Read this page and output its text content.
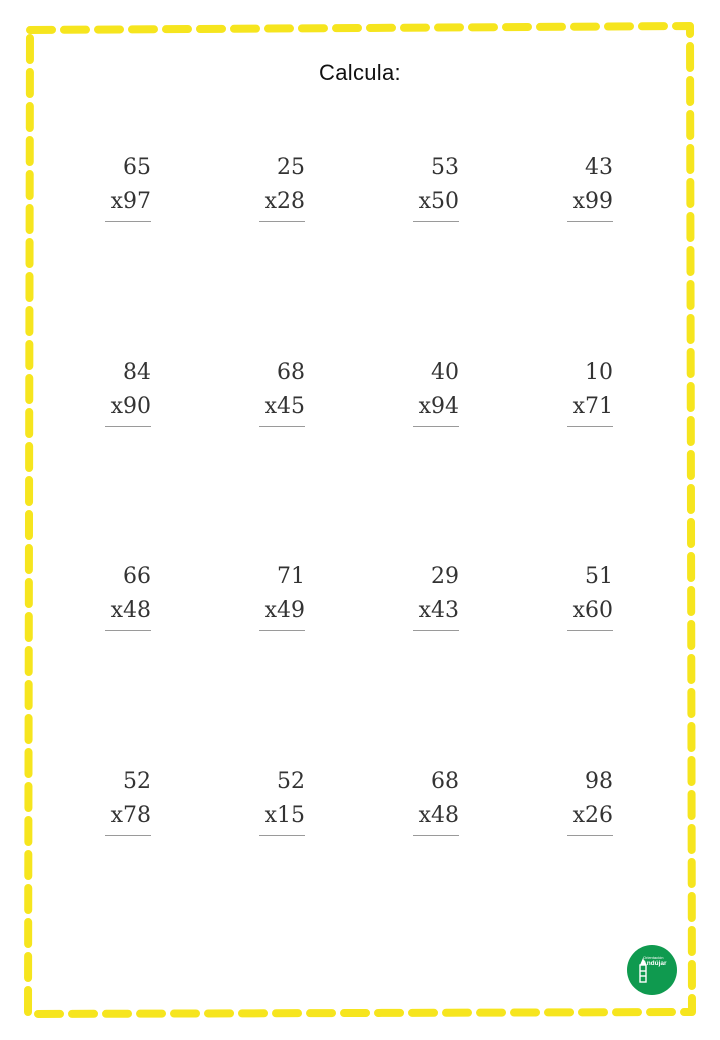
Calcula:
65
x97
25
x28
53
x50
43
x99
84
x90
68
x45
40
x94
10
x71
66
x48
71
x49
29
x43
51
x60
52
x78
52
x15
68
x48
98
x26
Orientación
Andújar
